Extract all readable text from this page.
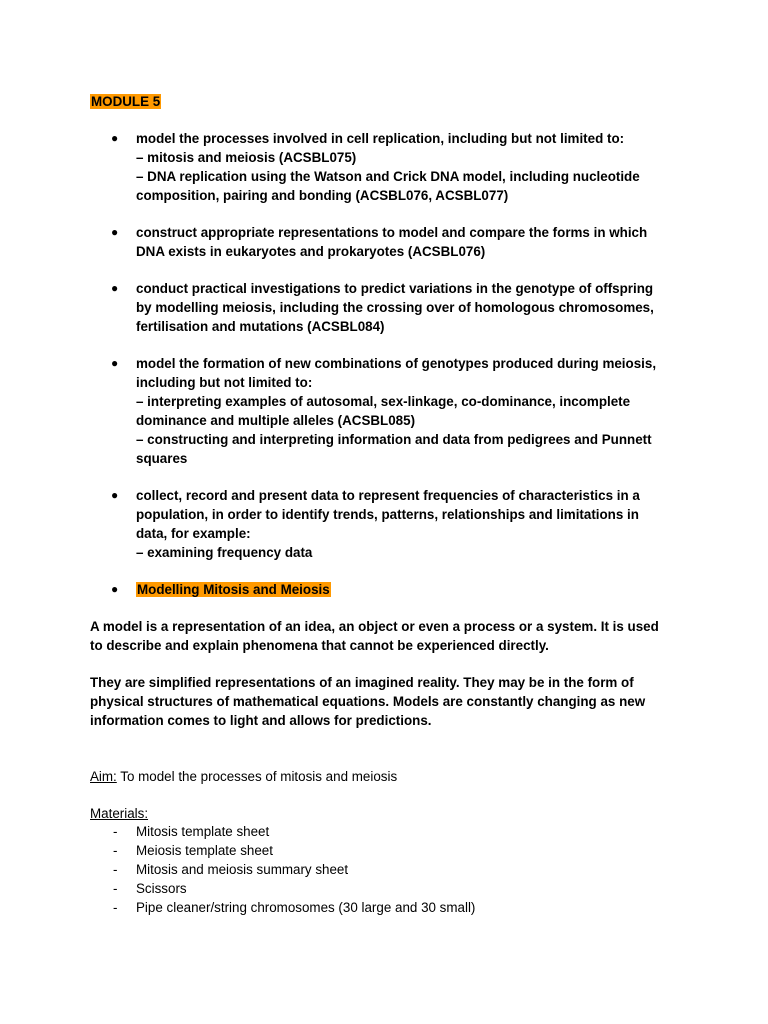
MODULE 5
● model the processes involved in cell replication, including but not limited to:
– mitosis and meiosis (ACSBL075)
– DNA replication using the Watson and Crick DNA model, including nucleotide
composition, pairing and bonding (ACSBL076, ACSBL077)
● construct appropriate representations to model and compare the forms in which
DNA exists in eukaryotes and prokaryotes (ACSBL076)
● conduct practical investigations to predict variations in the genotype of offspring
by modelling meiosis, including the crossing over of homologous chromosomes,
fertilisation and mutations (ACSBL084)
● model the formation of new combinations of genotypes produced during meiosis,
including but not limited to:
– interpreting examples of autosomal, sex-linkage, co-dominance, incomplete
dominance and multiple alleles (ACSBL085)
– constructing and interpreting information and data from pedigrees and Punnett
squares
● collect, record and present data to represent frequencies of characteristics in a
population, in order to identify trends, patterns, relationships and limitations in
data, for example:
– examining frequency data
● Modelling Mitosis and Meiosis
A model is a representation of an idea, an object or even a process or a system. It is used
to describe and explain phenomena that cannot be experienced directly.
They are simplified representations of an imagined reality. They may be in the form of
physical structures of mathematical equations. Models are constantly changing as new
information comes to light and allows for predictions.
Aim: To model the processes of mitosis and meiosis
Materials:
- Mitosis template sheet
- Meiosis template sheet
- Mitosis and meiosis summary sheet
- Scissors
- Pipe cleaner/string chromosomes (30 large and 30 small)
